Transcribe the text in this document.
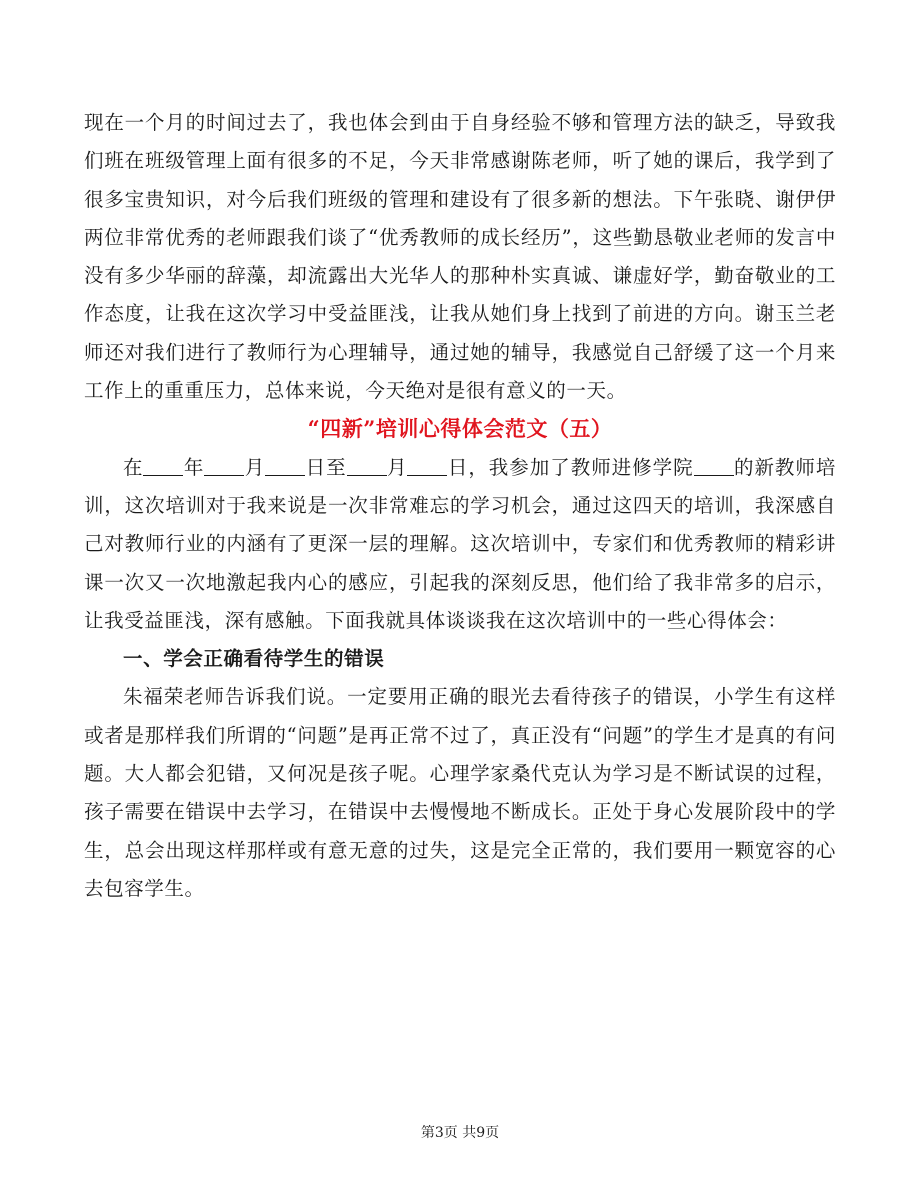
现在一个月的时间过去了，我也体会到由于自身经验不够和管理方法的缺乏，导致我们班在班级管理上面有很多的不足，今天非常感谢陈老师，听了她的课后，我学到了很多宝贵知识，对今后我们班级的管理和建设有了很多新的想法。下午张晓、谢伊伊两位非常优秀的老师跟我们谈了“优秀教师的成长经历”，这些勤恳敬业老师的发言中没有多少华丽的辞藻，却流露出大光华人的那种朴实真诚、谦虚好学，勤奋敬业的工作态度，让我在这次学习中受益匪浅，让我从她们身上找到了前进的方向。谢玉兰老师还对我们进行了教师行为心理辅导，通过她的辅导，我感觉自己舒缓了这一个月来工作上的重重压力，总体来说，今天绝对是很有意义的一天。

“四新”培训心得体会范文（五）

在 年 月 日至 月 日，我参加了教师进修学院 的新教师培训，这次培训对于我来说是一次非常难忘的学习机会，通过这四天的培训，我深感自己对教师行业的内涵有了更深一层的理解。这次培训中，专家们和优秀教师的精彩讲课一次又一次地激起我内心的感应，引起我的深刻反思，他们给了我非常多的启示，让我受益匪浅，深有感触。下面我就具体谈谈我在这次培训中的一些心得体会：

一、学会正确看待学生的错误

朱福荣老师告诉我们说。一定要用正确的眼光去看待孩子的错误，小学生有这样或者是那样我们所谓的“问题”是再正常不过了，真正没有“问题”的学生才是真的有问题。大人都会犯错，又何况是孩子呢。心理学家桑代克认为学习是不断试误的过程，孩子需要在错误中去学习，在错误中去慢慢地不断成长。正处于身心发展阶段中的学生，总会出现这样那样或有意无意的过失，这是完全正常的，我们要用一颗宽容的心去包容学生。

第3页 共9页
